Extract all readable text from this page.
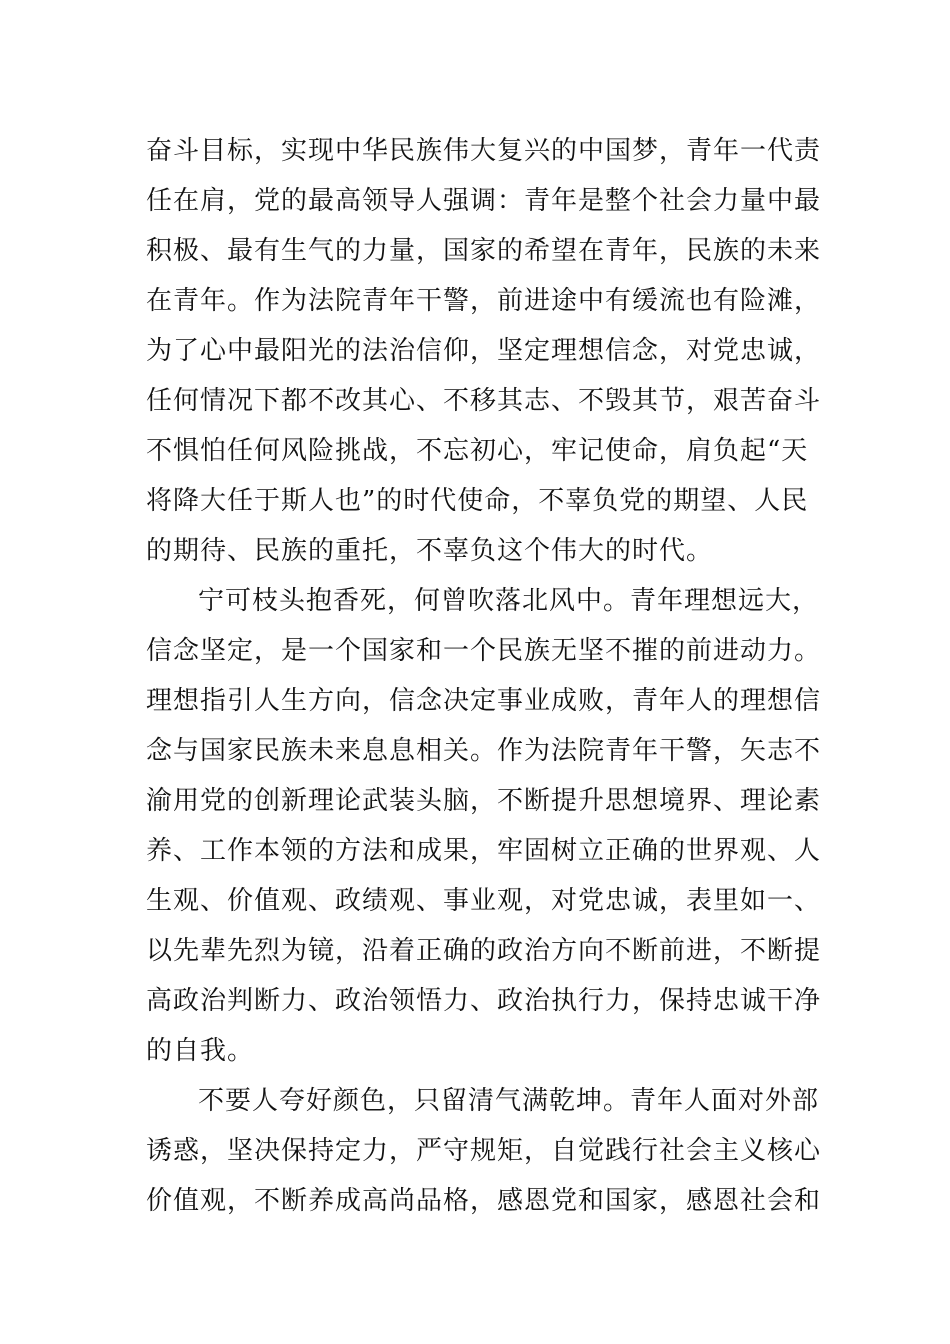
奋斗目标，实现中华民族伟大复兴的中国梦，青年一代责
任在肩，党的最高领导人强调：青年是整个社会力量中最
积极、最有生气的力量，国家的希望在青年，民族的未来
在青年。作为法院青年干警，前进途中有缓流也有险滩，
为了心中最阳光的法治信仰，坚定理想信念，对党忠诚，
任何情况下都不改其心、不移其志、不毁其节，艰苦奋斗
不惧怕任何风险挑战，不忘初心，牢记使命，肩负起“天
将降大任于斯人也”的时代使命，不辜负党的期望、人民
的期待、民族的重托，不辜负这个伟大的时代。
宁可枝头抱香死，何曾吹落北风中。青年理想远大，
信念坚定，是一个国家和一个民族无坚不摧的前进动力。
理想指引人生方向，信念决定事业成败，青年人的理想信
念与国家民族未来息息相关。作为法院青年干警，矢志不
渝用党的创新理论武装头脑，不断提升思想境界、理论素
养、工作本领的方法和成果，牢固树立正确的世界观、人
生观、价值观、政绩观、事业观，对党忠诚，表里如一、
以先辈先烈为镜，沿着正确的政治方向不断前进，不断提
高政治判断力、政治领悟力、政治执行力，保持忠诚干净
的自我。
不要人夸好颜色，只留清气满乾坤。青年人面对外部
诱惑，坚决保持定力，严守规矩，自觉践行社会主义核心
价值观，不断养成高尚品格，感恩党和国家，感恩社会和
